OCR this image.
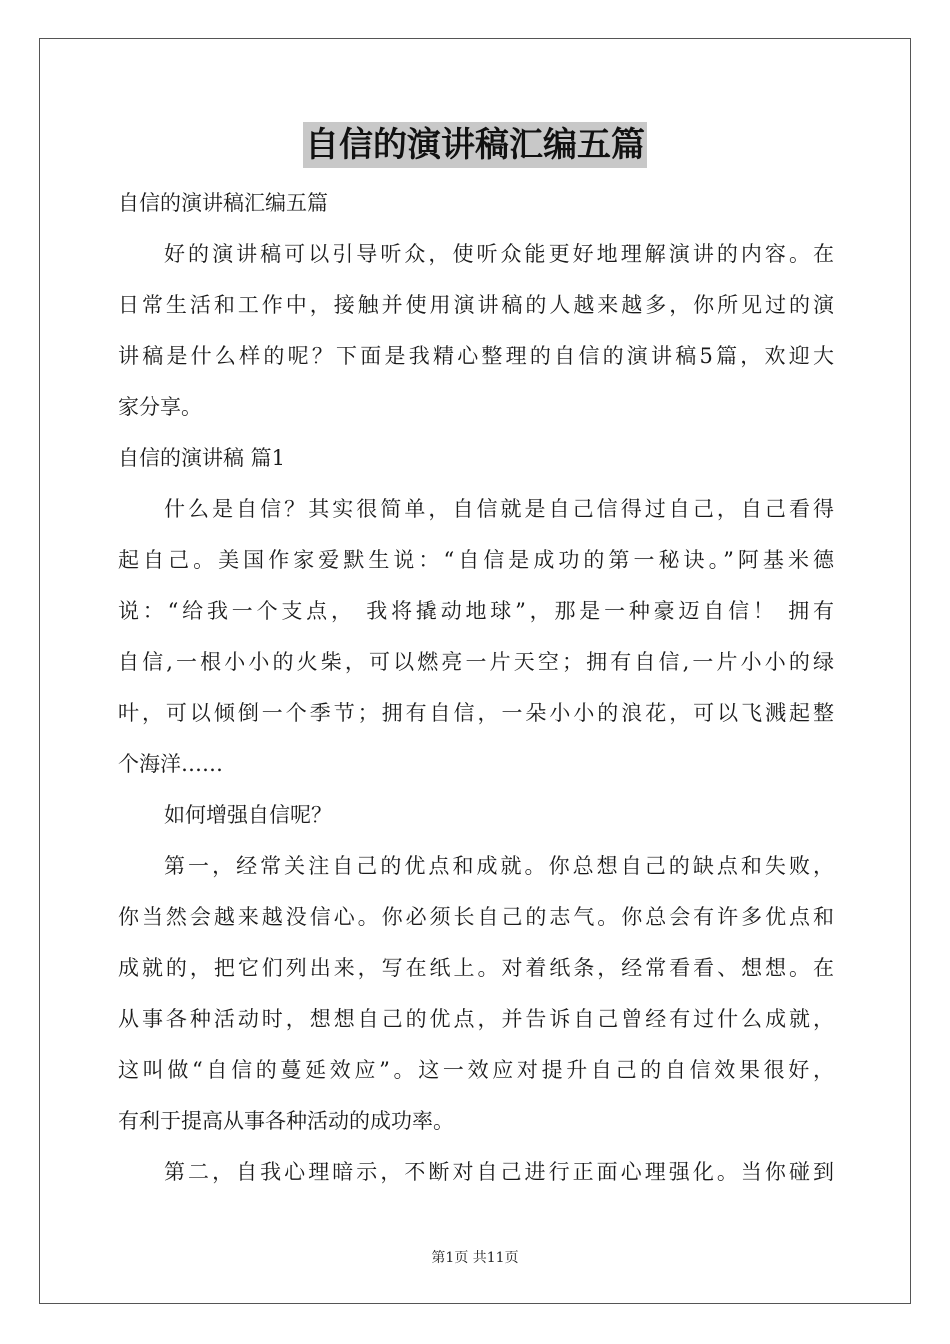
自信的演讲稿汇编五篇
自信的演讲稿汇编五篇
好的演讲稿可以引导听众，使听众能更好地理解演讲的内容。在
日常生活和工作中，接触并使用演讲稿的人越来越多，你所见过的演
讲稿是什么样的呢？下面是我精心整理的自信的演讲稿5篇，欢迎大
家分享。
自信的演讲稿 篇1
什么是自信？其实很简单，自信就是自己信得过自己，自己看得
起自己。美国作家爱默生说：“自信是成功的第一秘诀。”阿基米德
说：“给我一个支点， 我将撬动地球”，那是一种豪迈自信！ 拥有
自信,一根小小的火柴，可以燃亮一片天空；拥有自信,一片小小的绿
叶，可以倾倒一个季节；拥有自信，一朵小小的浪花，可以飞溅起整
个海洋……
如何增强自信呢？
第一，经常关注自己的优点和成就。你总想自己的缺点和失败，
你当然会越来越没信心。你必须长自己的志气。你总会有许多优点和
成就的，把它们列出来，写在纸上。对着纸条，经常看看、想想。在
从事各种活动时，想想自己的优点，并告诉自己曾经有过什么成就，
这叫做“自信的蔓延效应”。这一效应对提升自己的自信效果很好，
有利于提高从事各种活动的成功率。
第二，自我心理暗示，不断对自己进行正面心理强化。当你碰到
第1页 共11页
